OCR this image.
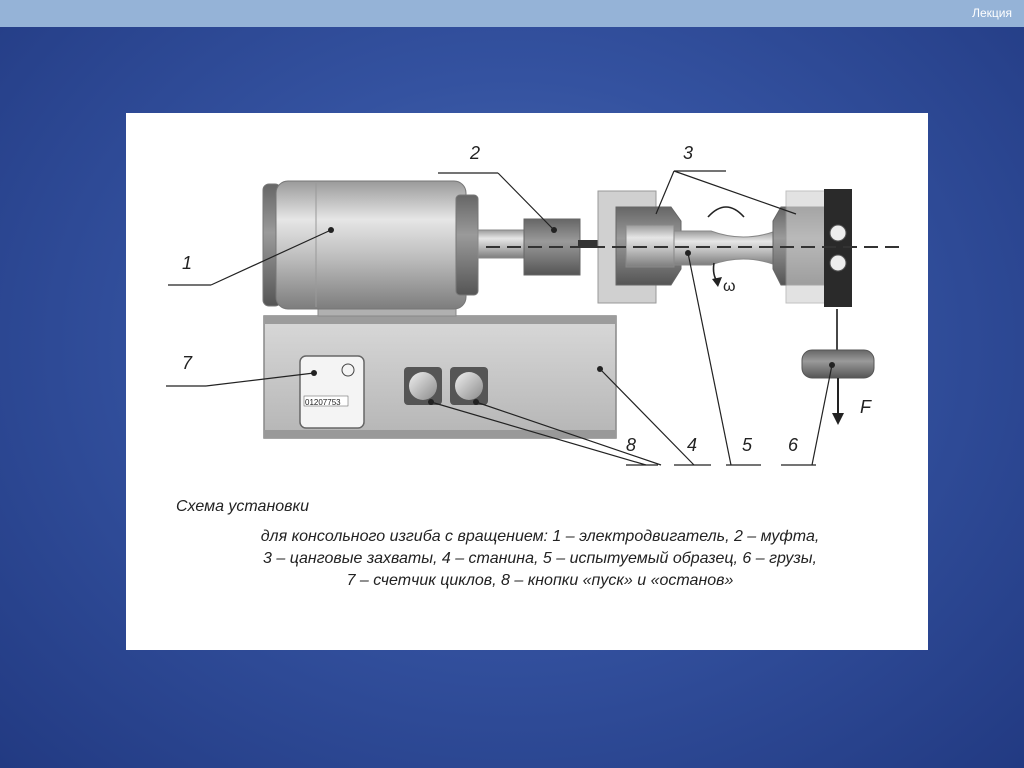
Лекция
ω
F
01207753
1
2	3
7
8	4 5 6
Схема установки
для консольного изгиба с вращением: 1 – электродвигатель, 2 – муфта,
3 – цанговые захваты, 4 – станина, 5 – испытуемый образец, 6 – грузы,
7 – счетчик циклов, 8 – кнопки «пуск» и «останов»
